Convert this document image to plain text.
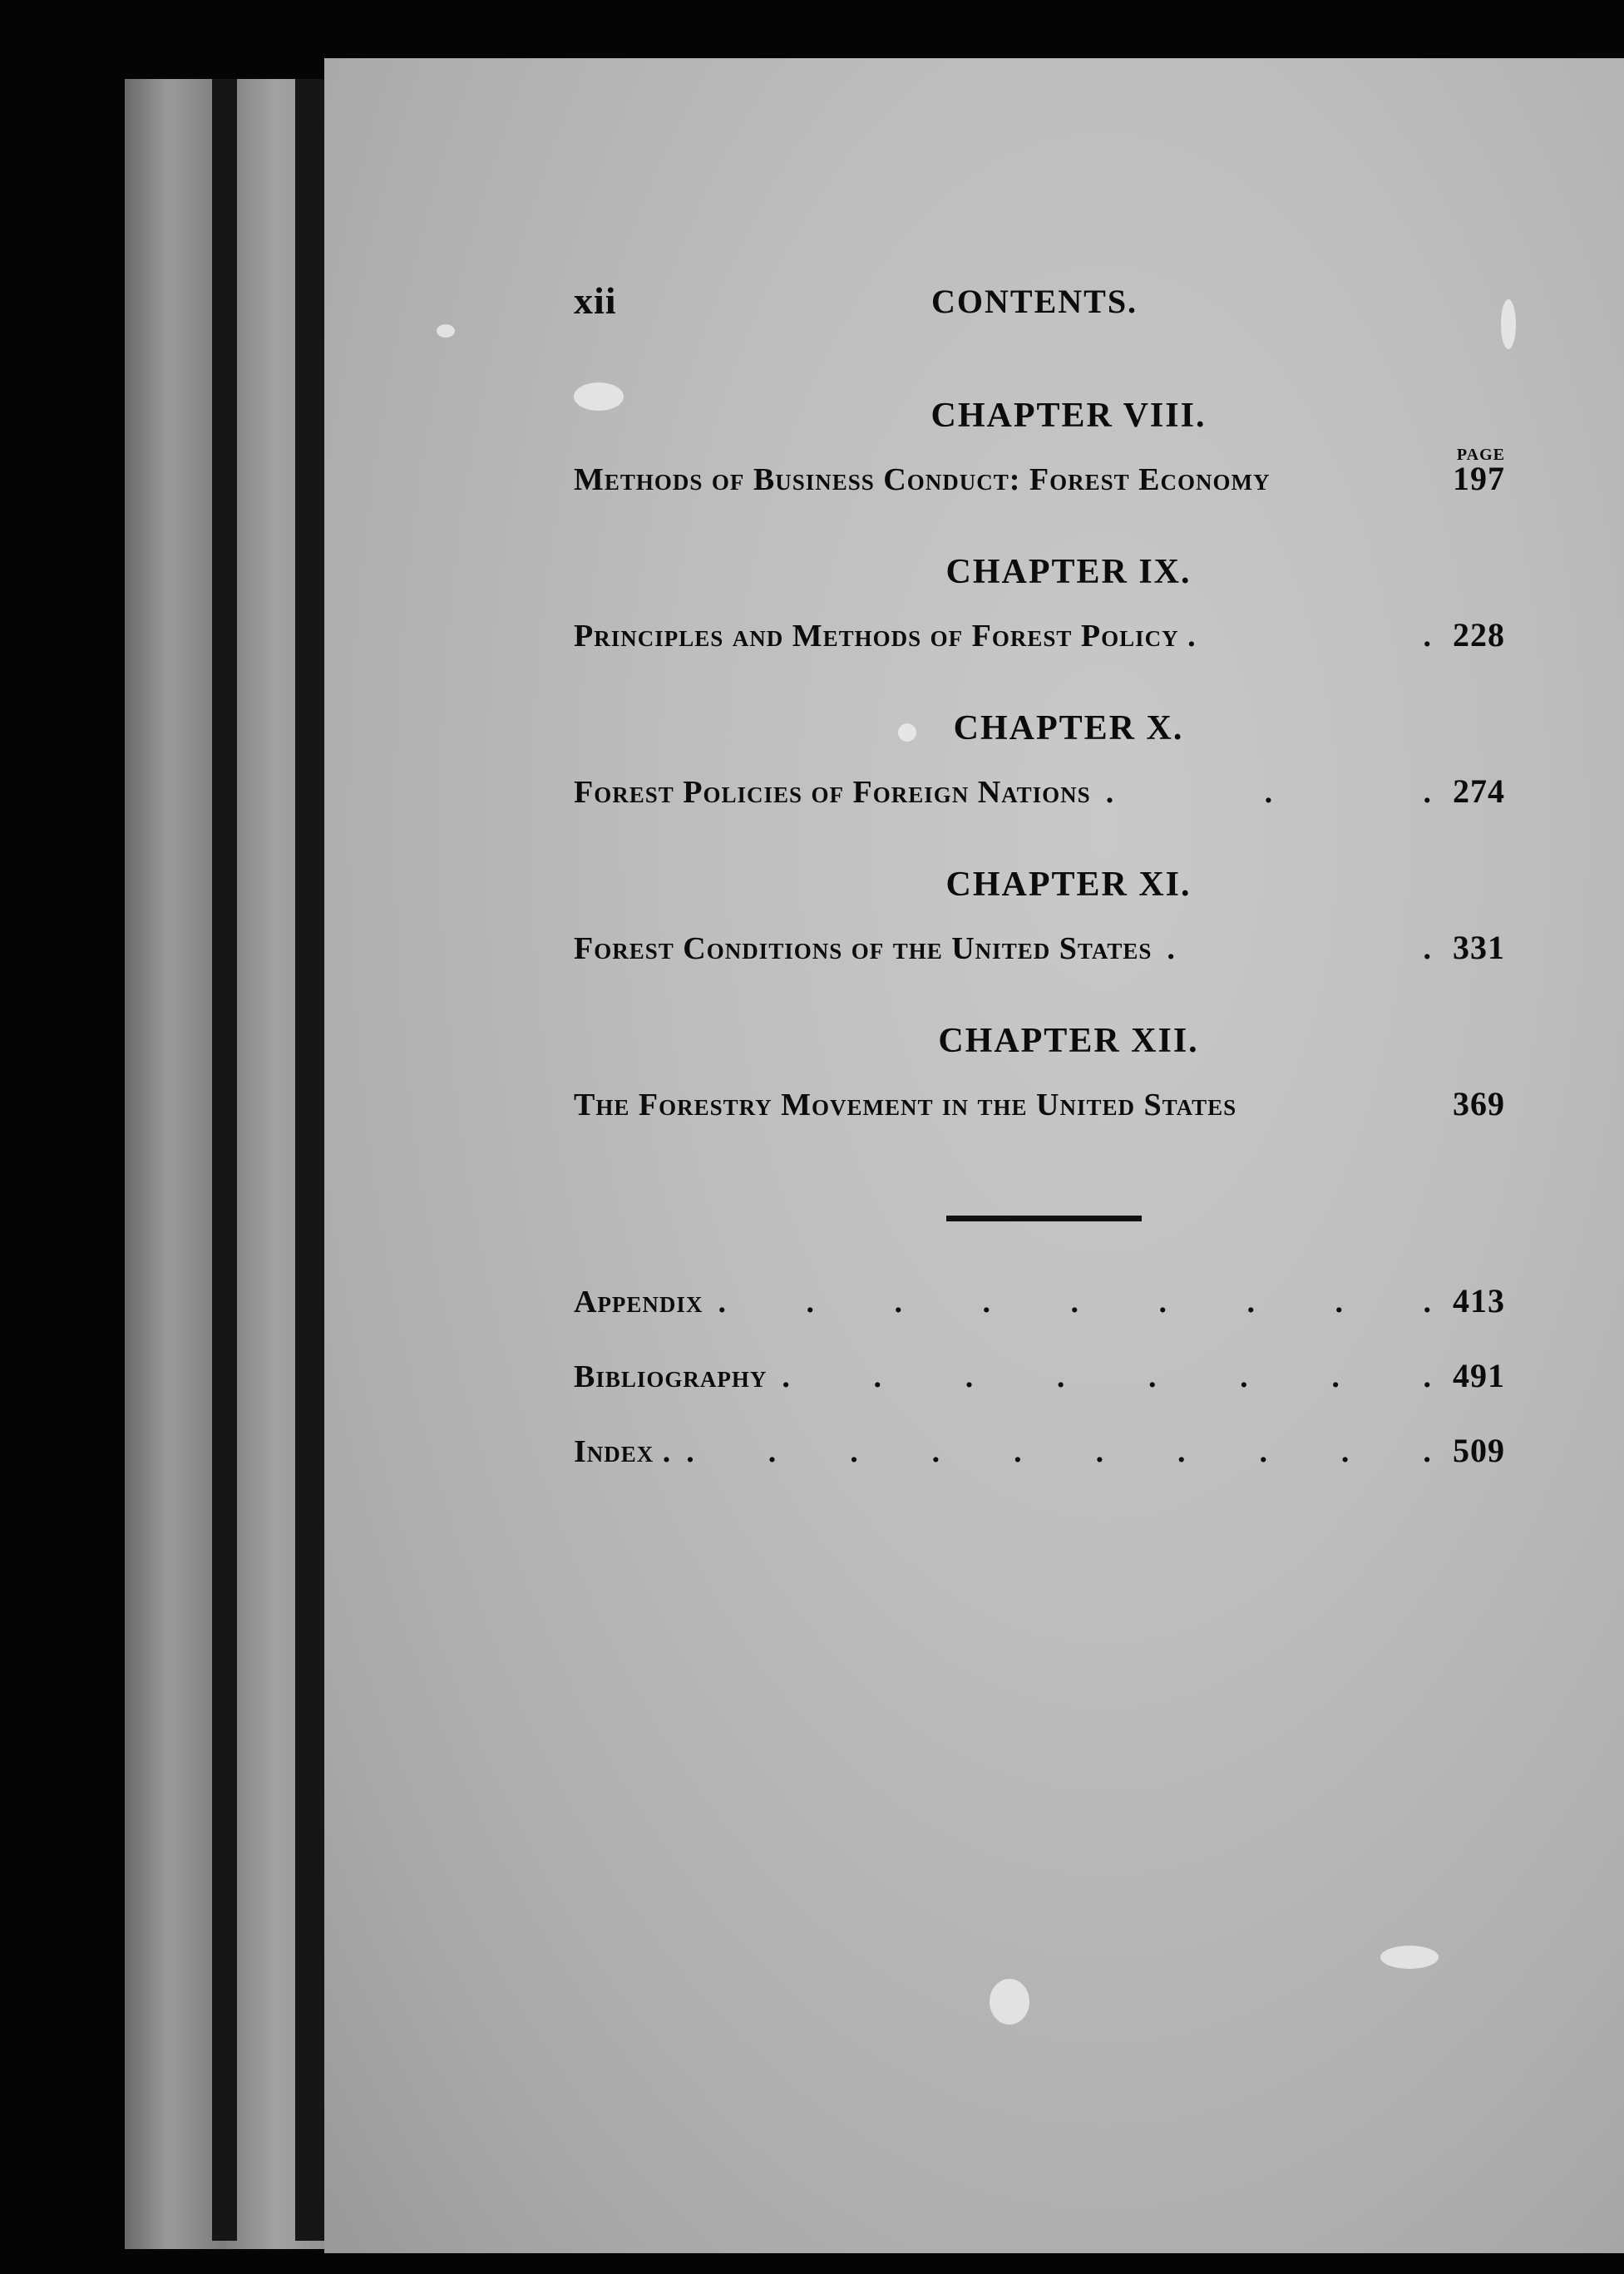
xii	CONTENTS.
CHAPTER VIII.
PAGE
Methods of Business Conduct: Forest Economy	197
CHAPTER IX.
Principles and Methods of Forest Policy .	. 228
CHAPTER X.
Forest Policies of Foreign Nations .	.	. 274
CHAPTER XI.
Forest Conditions of the United States .	. 331
CHAPTER XII.
The Forestry Movement in the United States	369
Appendix .	.	.	.	.	.	.	.	. 413
Bibliography .	.	.	.	.	.	.	. 491
Index . . . . . . . . . . . 509
